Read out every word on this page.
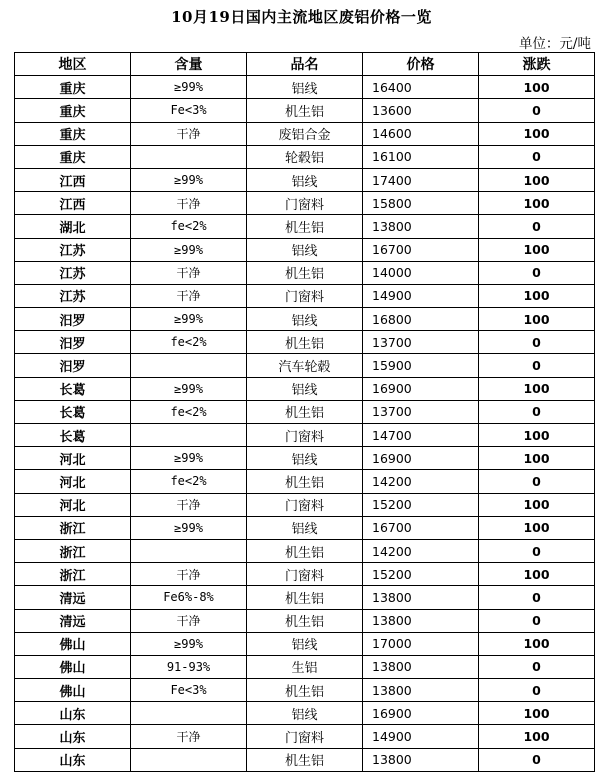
10月19日国内主流地区废铝价格一览
单位：元/吨
地区	含量	品名	价格	涨跌
重庆	≥99%	铝线	16400	100
重庆	Fe<3%	机生铝	13600	0
重庆	干净	废铝合金	14600	100
重庆		轮毂铝	16100	0
江西	≥99%	铝线	17400	100
江西	干净	门窗料	15800	100
湖北	fe<2%	机生铝	13800	0
江苏	≥99%	铝线	16700	100
江苏	干净	机生铝	14000	0
江苏	干净	门窗料	14900	100
汨罗	≥99%	铝线	16800	100
汨罗	fe<2%	机生铝	13700	0
汨罗		汽车轮毂	15900	0
长葛	≥99%	铝线	16900	100
长葛	fe<2%	机生铝	13700	0
长葛		门窗料	14700	100
河北	≥99%	铝线	16900	100
河北	fe<2%	机生铝	14200	0
河北	干净	门窗料	15200	100
浙江	≥99%	铝线	16700	100
浙江		机生铝	14200	0
浙江	干净	门窗料	15200	100
清远	Fe6%-8%	机生铝	13800	0
清远	干净	机生铝	13800	0
佛山	≥99%	铝线	17000	100
佛山	91-93%	生铝	13800	0
佛山	Fe<3%	机生铝	13800	0
山东		铝线	16900	100
山东	干净	门窗料	14900	100
山东		机生铝	13800	0
